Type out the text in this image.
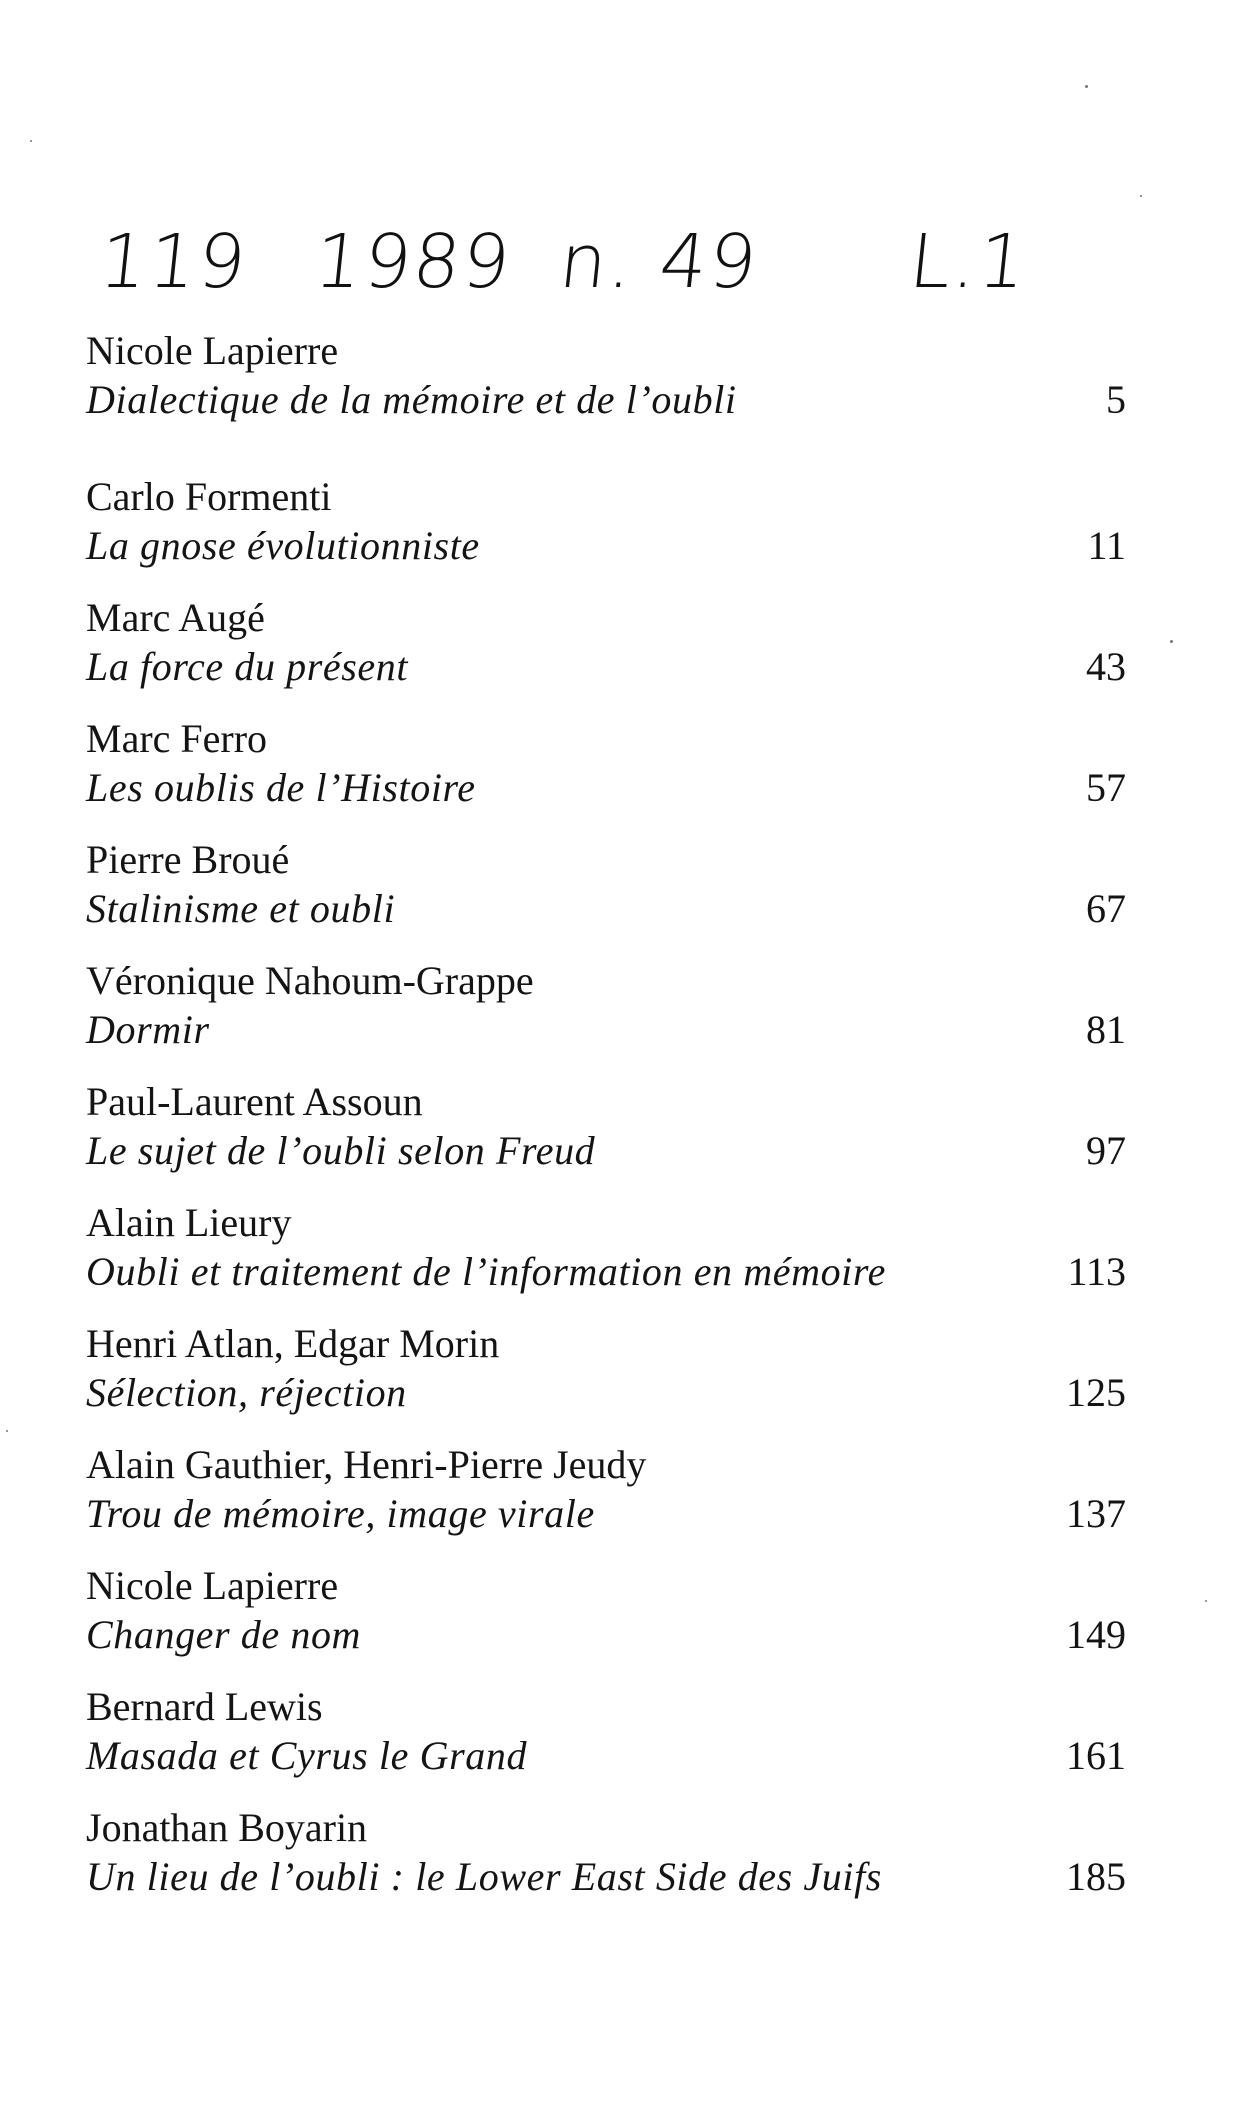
119 1989 n. 49 L.1
Nicole Lapierre
Dialectique de la mémoire et de l’oubli	5
Carlo Formenti
La gnose évolutionniste	11
Marc Augé
La force du présent	43
Marc Ferro
Les oublis de l’Histoire	57
Pierre Broué
Stalinisme et oubli	67
Véronique Nahoum-Grappe
Dormir	81
Paul-Laurent Assoun
Le sujet de l’oubli selon Freud	97
Alain Lieury
Oubli et traitement de l’information en mémoire	113
Henri Atlan, Edgar Morin
Sélection, réjection	125
Alain Gauthier, Henri-Pierre Jeudy
Trou de mémoire, image virale	137
Nicole Lapierre
Changer de nom	149
Bernard Lewis
Masada et Cyrus le Grand	161
Jonathan Boyarin
Un lieu de l’oubli : le Lower East Side des Juifs	185
